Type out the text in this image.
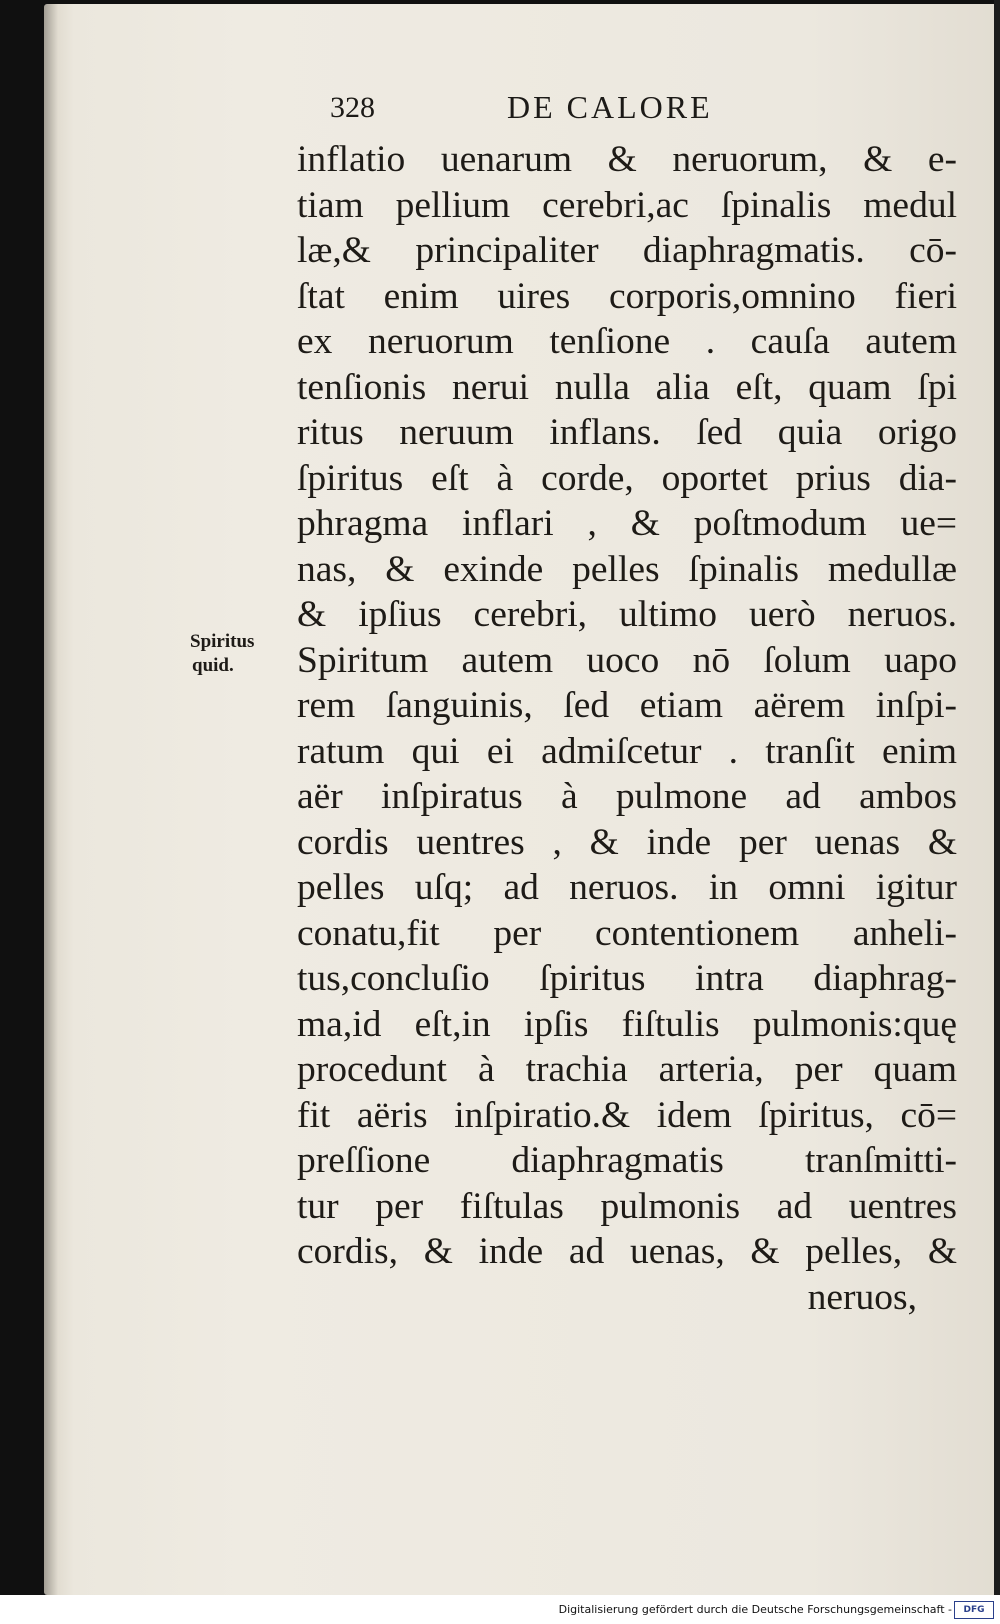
328	DE CALORE
Spiritus
quid.
inflatio uenarum & neruorum, & e-
tiam pellium cerebri,ac ſpinalis medul
læ,& principaliter diaphragmatis. cō-
ſtat enim uires corporis,omnino fieri
ex neruorum tenſione . cauſa autem
tenſionis nerui nulla alia eſt, quam ſpi
ritus neruum inflans. ſed quia origo
ſpiritus eſt à corde, oportet prius dia-
phragma inflari , & poſtmodum ue=
nas, & exinde pelles ſpinalis medullæ
& ipſius cerebri, ultimo uerò neruos.
Spiritum autem uoco nō ſolum uapo
rem ſanguinis, ſed etiam aërem inſpi-
ratum qui ei admiſcetur . tranſit enim
aër inſpiratus à pulmone ad ambos
cordis uentres , & inde per uenas &
pelles uſq; ad neruos. in omni igitur
conatu,fit per contentionem anheli-
tus,concluſio ſpiritus intra diaphrag-
ma,id eſt,in ipſis fiſtulis pulmonis:quę
procedunt à trachia arteria, per quam
fit aëris inſpiratio.& idem ſpiritus, cō=
preſſione diaphragmatis tranſmitti-
tur per fiſtulas pulmonis ad uentres
cordis, & inde ad uenas, & pelles, &
neruos,
Digitalisierung gefördert durch die Deutsche Forschungsgemeinschaft -	DFG
